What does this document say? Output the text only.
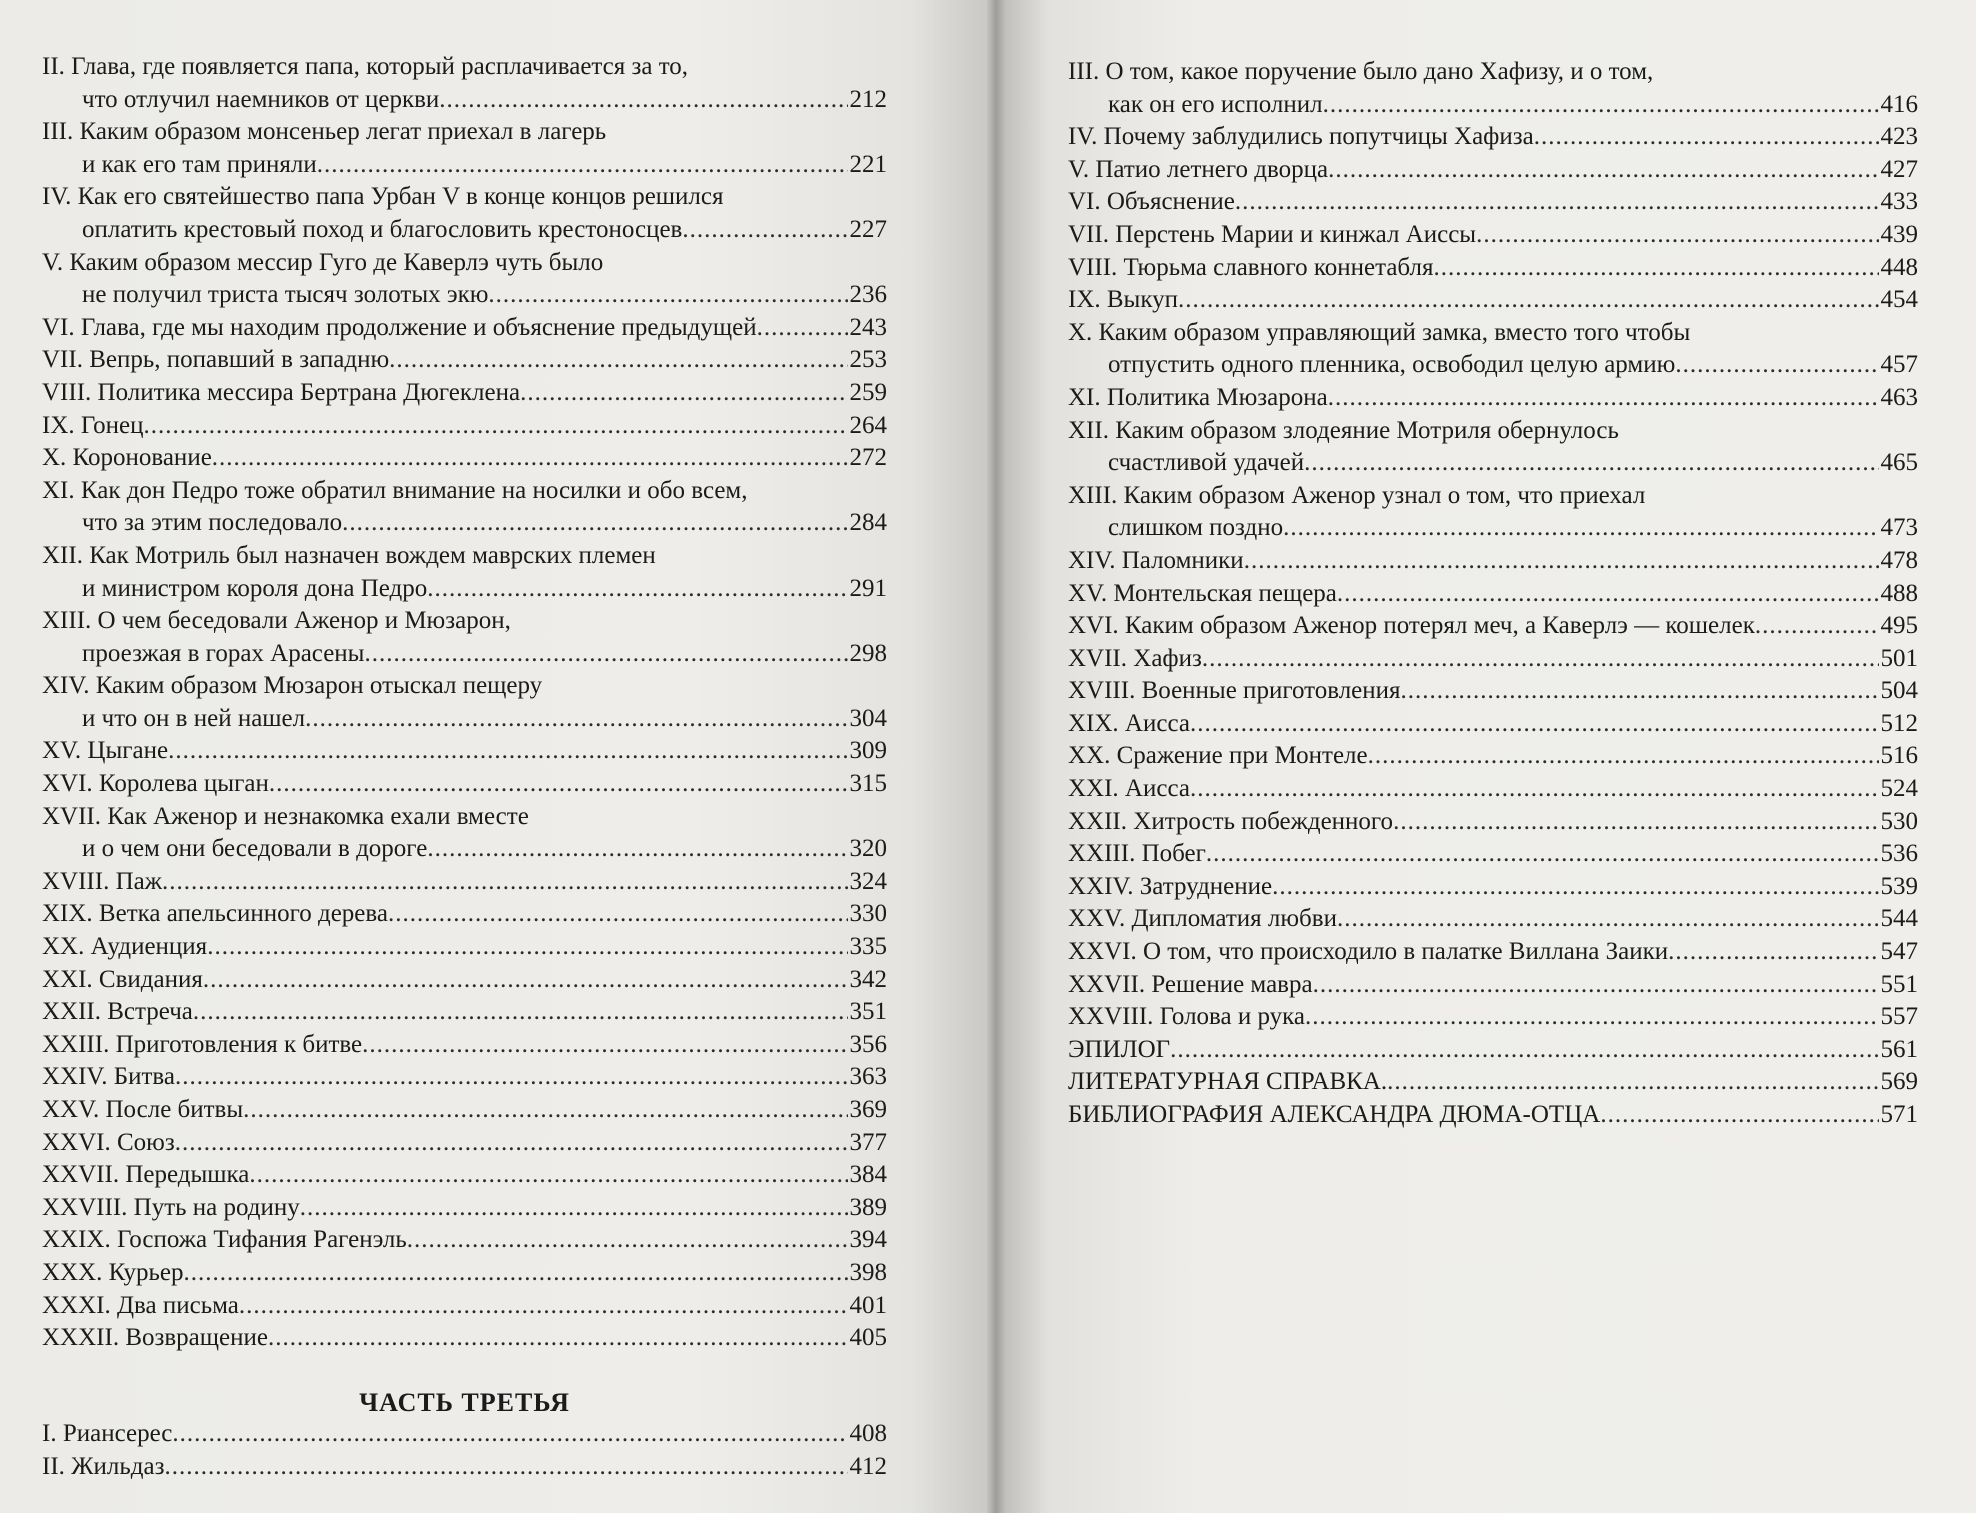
II. Глава, где появляется папа, который расплачивается за то,
что отлучил наемников от церкви .....	212
III. Каким образом монсеньер легат приехал в лагерь
и как его там приняли .....	221
IV. Как его святейшество папа Урбан V в конце концов решился
оплатить крестовый поход и благословить крестоносцев .....	227
V. Каким образом мессир Гуго де Каверлэ чуть было
не получил триста тысяч золотых экю .....	236
VI. Глава, где мы находим продолжение и объяснение предыдущей .....	243
VII. Вепрь, попавший в западню .....	253
VIII. Политика мессира Бертрана Дюгеклена .....	259
IX. Гонец .....	264
X. Коронование .....	272
XI. Как дон Педро тоже обратил внимание на носилки и обо всем,
что за этим последовало .....	284
XII. Как Мотриль был назначен вождем маврских племен
и министром короля дона Педро .....	291
XIII. О чем беседовали Аженор и Мюзарон,
проезжая в горах Арасены .....	298
XIV. Каким образом Мюзарон отыскал пещеру
и что он в ней нашел .....	304
XV. Цыгане .....	309
XVI. Королева цыган .....	315
XVII. Как Аженор и незнакомка ехали вместе
и о чем они беседовали в дороге .....	320
XVIII. Паж .....	324
XIX. Ветка апельсинного дерева .....	330
XX. Аудиенция .....	335
XXI. Свидания .....	342
XXII. Встреча .....	351
XXIII. Приготовления к битве .....	356
XXIV. Битва .....	363
XXV. После битвы .....	369
XXVI. Союз .....	377
XXVII. Передышка .....	384
XXVIII. Путь на родину .....	389
XXIX. Госпожа Тифания Рагенэль .....	394
XXX. Курьер .....	398
XXXI. Два письма .....	401
XXXII. Возвращение .....	405
ЧАСТЬ ТРЕТЬЯ
I. Риансерес .....	408
II. Жильдаз .....	412
III. О том, какое поручение было дано Хафизу, и о том,
как он его исполнил .....	416
IV. Почему заблудились попутчицы Хафиза .....	423
V. Патио летнего дворца .....	427
VI. Объяснение .....	433
VII. Перстень Марии и кинжал Аиссы .....	439
VIII. Тюрьма славного коннетабля .....	448
IX. Выкуп .....	454
X. Каким образом управляющий замка, вместо того чтобы
отпустить одного пленника, освободил целую армию .....	457
XI. Политика Мюзарона .....	463
XII. Каким образом злодеяние Мотриля обернулось
счастливой удачей .....	465
XIII. Каким образом Аженор узнал о том, что приехал
слишком поздно .....	473
XIV. Паломники .....	478
XV. Монтельская пещера .....	488
XVI. Каким образом Аженор потерял меч, а Каверлэ — кошелек .....	495
XVII. Хафиз .....	501
XVIII. Военные приготовления .....	504
XIX. Аисса .....	512
XX. Сражение при Монтеле .....	516
XXI. Аисса .....	524
XXII. Хитрость побежденного .....	530
XXIII. Побег .....	536
XXIV. Затруднение .....	539
XXV. Дипломатия любви .....	544
XXVI. О том, что происходило в палатке Виллана Заики .....	547
XXVII. Решение мавра .....	551
XXVIII. Голова и рука .....	557
ЭПИЛОГ .....	561
ЛИТЕРАТУРНАЯ СПРАВКА. .....	569
БИБЛИОГРАФИЯ АЛЕКСАНДРА ДЮМА-ОТЦА .....	571
